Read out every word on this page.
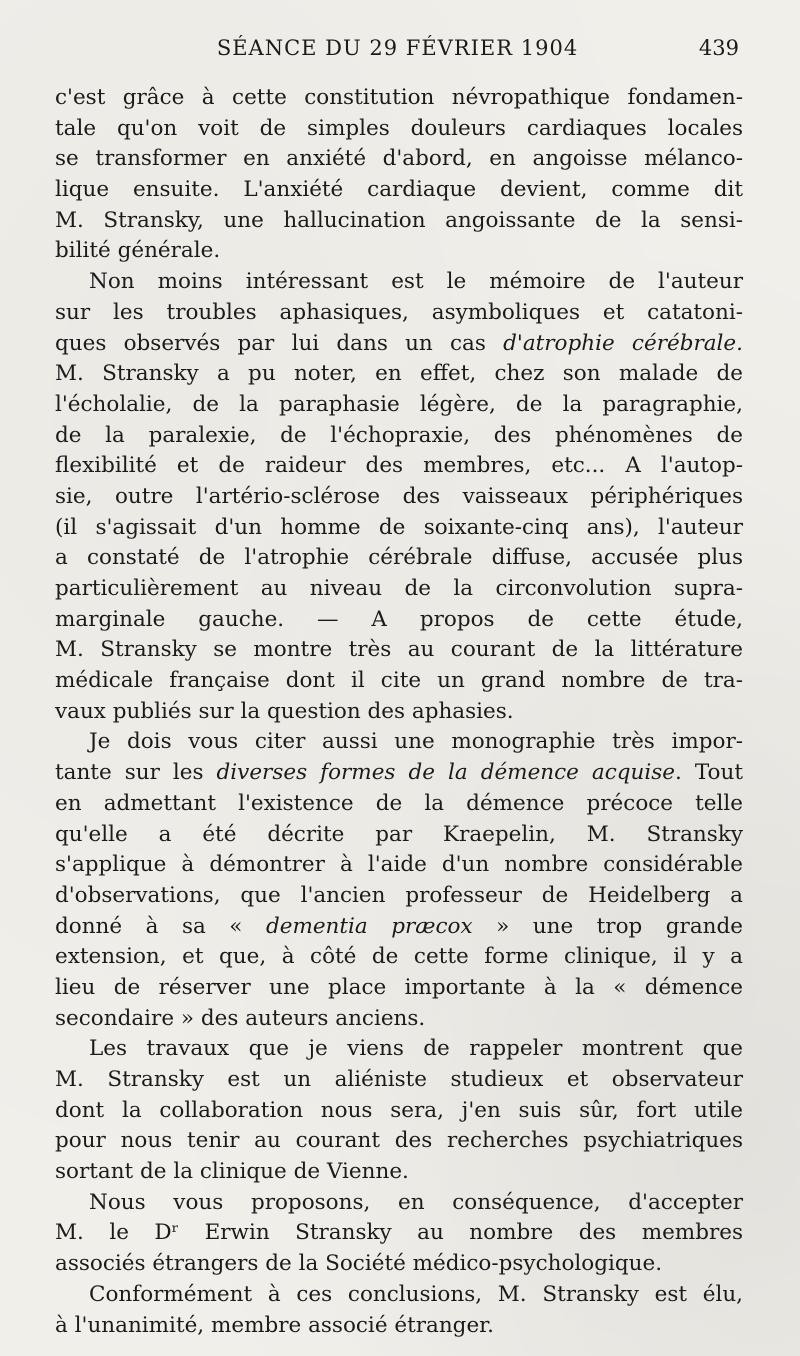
SÉANCE DU 29 FÉVRIER 1904	439
c'est grâce à cette constitution névropathique fondamen-
tale qu'on voit de simples douleurs cardiaques locales
se transformer en anxiété d'abord, en angoisse mélanco-
lique ensuite. L'anxiété cardiaque devient, comme dit
M. Stransky, une hallucination angoissante de la sensi-
bilité générale.
Non moins intéressant est le mémoire de l'auteur
sur les troubles aphasiques, asymboliques et catatoni-
ques observés par lui dans un cas d'atrophie cérébrale.
M. Stransky a pu noter, en effet, chez son malade de
l'écholalie, de la paraphasie légère, de la paragraphie,
de la paralexie, de l'échopraxie, des phénomènes de
flexibilité et de raideur des membres, etc... A l'autop-
sie, outre l'artério-sclérose des vaisseaux périphériques
(il s'agissait d'un homme de soixante-cinq ans), l'auteur
a constaté de l'atrophie cérébrale diffuse, accusée plus
particulièrement au niveau de la circonvolution supra-
marginale gauche. — A propos de cette étude,
M. Stransky se montre très au courant de la littérature
médicale française dont il cite un grand nombre de tra-
vaux publiés sur la question des aphasies.
Je dois vous citer aussi une monographie très impor-
tante sur les diverses formes de la démence acquise. Tout
en admettant l'existence de la démence précoce telle
qu'elle a été décrite par Kraepelin, M. Stransky
s'applique à démontrer à l'aide d'un nombre considérable
d'observations, que l'ancien professeur de Heidelberg a
donné à sa « dementia præcox » une trop grande
extension, et que, à côté de cette forme clinique, il y a
lieu de réserver une place importante à la « démence
secondaire » des auteurs anciens.
Les travaux que je viens de rappeler montrent que
M. Stransky est un aliéniste studieux et observateur
dont la collaboration nous sera, j'en suis sûr, fort utile
pour nous tenir au courant des recherches psychiatriques
sortant de la clinique de Vienne.
Nous vous proposons, en conséquence, d'accepter
M. le Dʳ Erwin Stransky au nombre des membres
associés étrangers de la Société médico-psychologique.
Conformément à ces conclusions, M. Stransky est élu,
à l'unanimité, membre associé étranger.
